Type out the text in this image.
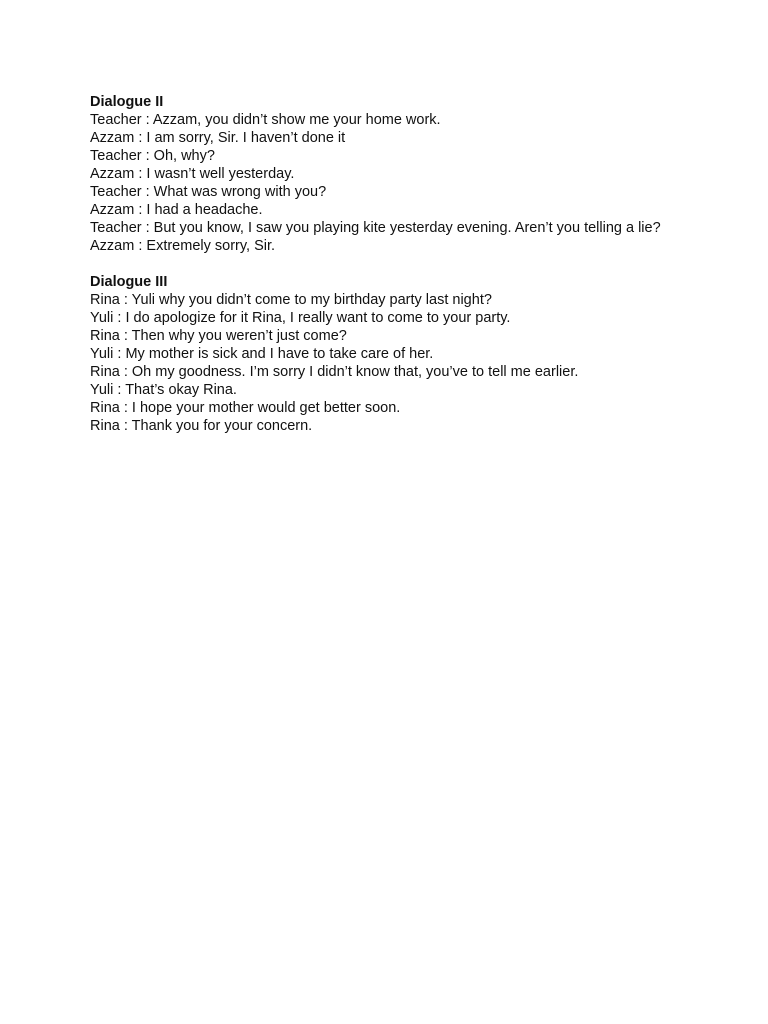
Dialogue II

Teacher : Azzam, you didn’t show me your home work.

Azzam : I am sorry, Sir. I haven’t done it

Teacher : Oh, why?

Azzam : I wasn’t well yesterday.

Teacher : What was wrong with you?

Azzam : I had a headache.

Teacher : But you know, I saw you playing kite yesterday evening. Aren’t you telling a lie?

Azzam : Extremely sorry, Sir.

Dialogue III

Rina : Yuli why you didn’t come to my birthday party last night?

Yuli : I do apologize for it Rina, I really want to come to your party.

Rina : Then why you weren’t just come?

Yuli : My mother is sick and I have to take care of her.

Rina : Oh my goodness. I’m sorry I didn’t know that, you’ve to tell me earlier.

Yuli : That’s okay Rina.

Rina : I hope your mother would get better soon.

Rina : Thank you for your concern.
